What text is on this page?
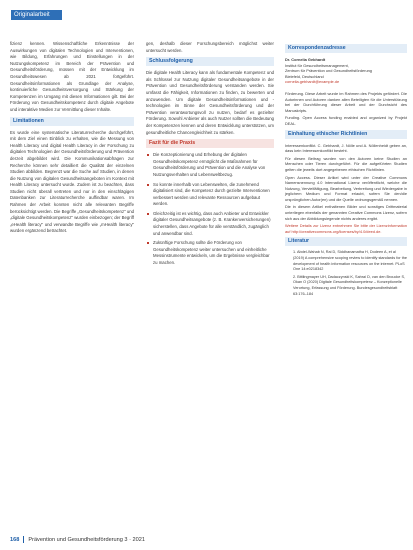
Originalarbeit

fizienz kennen. Wissenschaftliche Erkenntnisse der Auswirkungen von digitalen Technologien und Interventionen, wie Bildung, Erfahrungen und Einstellungen in der Nutzungskompetenz im Bereich der Prävention und Gesundheitsförderung, müssen mit der Entwicklung im Gesundheitswesen ab 2021 fortgeführt. Gesundheitsinformationen als Grundlage der Analyse, kontinuierliche Gesundheitsversorgung und Stärkung der Kompetenzen im Umgang mit diesen Informationen gilt. Bei der Förderung von Gesundheitskompetenz durch digitale Angebote und interaktive Medien zur Vermittlung dieser Inhalte.

Limitationen

Es wurde eine systematische Literaturrecherche durchgeführt, mit dem Ziel einen Einblick zu erhalten, wie die Messung von Health Literacy und digital Health Literacy in der Forschung zu digitalen Technologien der Gesundheitsförderung und Prävention derzeit abgebildet wird. Die Kommunikationsabfragen zur Recherche können sehr detailliert die Qualität der einzelnen Studien abbilden. Begrenzt war die Suche auf Studien, in denen die Nutzung von digitalen Gesundheitsangeboten im Kontext mit Health Literacy untersucht wurde. Zudem ist zu beachten, dass Studien nicht überall vertreten und nur in den einschlägigen Datenbanken zur Literaturrecherche auffindbar waren. Im Rahmen der Arbeit konnten nicht alle relevanten Begriffe berücksichtigt werden. Die Begriffe „Gesundheitskompetenz" und „digitale Gesundheitskompetenz" wurden einbezogen; der Begriff „eHealth literacy" und verwandte Begriffe wie „mHealth literacy" wurden ergänzend betrachtet.

gen, deshalb dieser Forschungsbereich möglichst weiter untersucht werden.

Schlussfolgerung

Die digitale Health Literacy kann als fundamentale Kompetenz und als Schlüssel zur Nutzung digitaler Gesundheitsangebote in der Prävention und Gesundheitsförderung verstanden werden. Sie umfasst die Fähigkeit, Informationen zu finden, zu bewerten und anzuwenden. Um digitale Gesundheitsinformationen und -technologien im Sinne der Gesundheitsförderung und der Prävention verantwortungsvoll zu nutzen, bedarf es gezielter Förderung. Sowohl Anbieter als auch Nutzer sollten die Bedeutung der Kompetenzen kennen und deren Entwicklung unterstützen, um gesundheitliche Chancengleichheit zu stärken.

Fazit für die Praxis
Die Konzeptionierung und Erhebung der digitalen Gesundheitskompetenz ermöglicht die Maßnahmen für Gesundheitsförderung und Prävention und die Analyse von Nutzungsverhalten und Lebensweltbezug.
So konnte innerhalb von Lebenswelten, die zunehmend digitalisiert sind, die Kompetenz durch gezielte Interventionen verbessert werden und relevante Ressourcen aufgebaut werden.
Gleichzeitig ist es wichtig, dass auch Anbieter und Entwickler digitaler Gesundheitsangebote (z. B. Krankenversicherungen) sicherstellen, dass Angebote für alle verständlich, zugänglich und anwendbar sind.
Zukünftige Forschung sollte die Förderung von Gesundheitskompetenz weiter untersuchen und einheitliche Messinstrumente entwickeln, um die Ergebnisse vergleichbar zu machen.
Korrespondenzadresse
Dr. Cornelia Gebhardt
Institut für Gesundheitsmanagement,
Zentrum für Prävention und Gesundheitsförderung
Bielefeld, Deutschland
cornelia.gebhardt@example.de

Förderung. Diese Arbeit wurde im Rahmen des Projekts gefördert. Die Autorinnen und Autoren danken allen Beteiligten für die Unterstützung bei der Durchführung dieser Arbeit und der Durchsicht des Manuskripts.

Funding. Open Access funding enabled and organized by Projekt DEAL.

Einhaltung ethischer Richtlinien

Interessenkonflikt. C. Gebhardt, J. Nölle und A. Nöllenheidt geben an, dass kein Interessenkonflikt besteht.

Für diesen Beitrag wurden von den Autoren keine Studien an Menschen oder Tieren durchgeführt. Für die aufgeführten Studien gelten die jeweils dort angegebenen ethischen Richtlinien.

Open Access. Dieser Artikel wird unter der Creative Commons Namensnennung 4.0 International Lizenz veröffentlicht, welche die Nutzung, Vervielfältigung, Bearbeitung, Verbreitung und Wiedergabe in jeglichem Medium und Format erlaubt, sofern Sie den/die ursprünglichen Autor(en) und die Quelle ordnungsgemäß nennen.

Die in diesem Artikel enthaltenen Bilder und sonstiges Drittmaterial unterliegen ebenfalls der genannten Creative Commons Lizenz, sofern sich aus der Abbildungslegende nichts anderes ergibt.

Weitere Details zur Lizenz entnehmen Sie bitte der Lizenzinformation auf http://creativecommons.org/licenses/by/4.0/deed.de.

Literatur
1. Abdel-Wahab N, Rai D, Siddhanamatha H, Dodeen A, et al (2019) A comprehensive scoping review to identify standards for the development of health information resources on the internet. PLoS One 14:e0218342
2. Bittlingmayer UH, Dadaczynski K, Sahrai D, van den Broucke S, Okan O (2020) Digitale Gesundheitskompetenz – Konzeptionelle Verortung, Erfassung und Förderung. Bundesgesundheitsblatt 63:176–184
168 Prävention und Gesundheitsförderung 3 · 2021
